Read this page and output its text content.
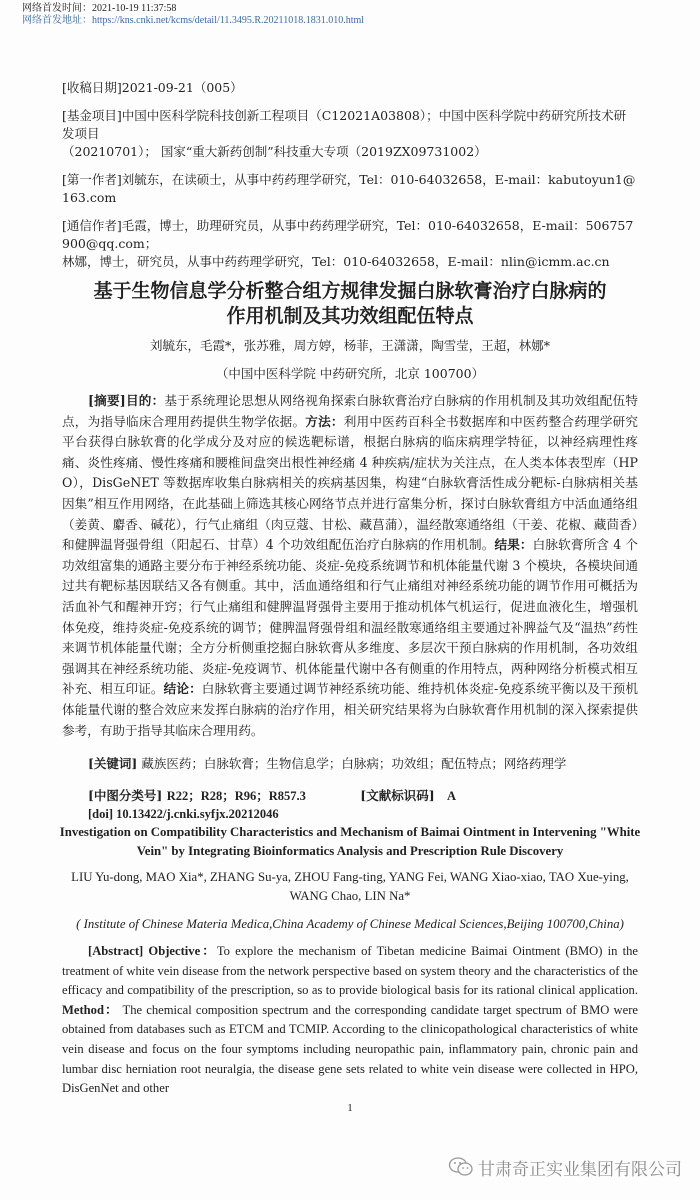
网络首发时间：2021-10-19 11:37:58
网络首发地址：https://kns.cnki.net/kcms/detail/11.3495.R.20211018.1831.010.html
[收稿日期]2021-09-21（005）
[基金项目]中国中医科学院科技创新工程项目（C12021A03808）；中国中医科学院中药研究所技术研发项目
（20210701）； 国家“重大新药创制”科技重大专项（2019ZX09731002）
[第一作者]刘毓东，在读硕士，从事中药药理学研究，Tel：010-64032658，E-mail：kabutoyun1@163.com
[通信作者]毛霞，博士，助理研究员，从事中药药理学研究，Tel：010-64032658，E-mail：506757900@qq.com；
林娜，博士，研究员，从事中药药理学研究，Tel：010-64032658，E-mail：nlin@icmm.ac.cn
基于生物信息学分析整合组方规律发掘白脉软膏治疗白脉病的
作用机制及其功效组配伍特点
刘毓东，毛霞*，张苏雅，周方婷，杨菲，王潇潇，陶雪莹，王超，林娜*
（中国中医科学院 中药研究所，北京 100700）
[摘要]目的：基于系统理论思想从网络视角探索白脉软膏治疗白脉病的作用机制及其功效组配伍特点，为指导临床合理用药提供生物学依据。方法：利用中医药百科全书数据库和中医药整合药理学研究平台获得白脉软膏的化学成分及对应的候选靶标谱，根据白脉病的临床病理学特征，以神经病理性疼痛、炎性疼痛、慢性疼痛和腰椎间盘突出根性神经痛 4 种疾病/症状为关注点，在人类本体表型库（HPO），DisGeNET 等数据库收集白脉病相关的疾病基因集，构建“白脉软膏活性成分靶标-白脉病相关基因集”相互作用网络，在此基础上筛选其核心网络节点并进行富集分析，探讨白脉软膏组方中活血通络组（姜黄、麝香、碱花），行气止痛组（肉豆蔻、甘松、藏菖蒲），温经散寒通络组（干姜、花椒、藏茴香）和健脾温肾强骨组（阳起石、甘草）4 个功效组配伍治疗白脉病的作用机制。结果：白脉软膏所含 4 个功效组富集的通路主要分布于神经系统功能、炎症-免疫系统调节和机体能量代谢 3 个模块，各模块间通过共有靶标基因联结又各有侧重。其中，活血通络组和行气止痛组对神经系统功能的调节作用可概括为活血补气和醒神开窍；行气止痛组和健脾温肾强骨主要用于推动机体气机运行，促进血液化生，增强机体免疫，维持炎症-免疫系统的调节；健脾温肾强骨组和温经散寒通络组主要通过补脾益气及“温热”药性来调节机体能量代谢；全方分析侧重挖掘白脉软膏从多维度、多层次干预白脉病的作用机制，各功效组强调其在神经系统功能、炎症-免疫调节、机体能量代谢中各有侧重的作用特点，两种网络分析模式相互补充、相互印证。结论：白脉软膏主要通过调节神经系统功能、维持机体炎症-免疫系统平衡以及干预机体能量代谢的整合效应来发挥白脉病的治疗作用，相关研究结果将为白脉软膏作用机制的深入探索提供参考，有助于指导其临床合理用药。
[关键词] 藏族医药；白脉软膏；生物信息学；白脉病；功效组；配伍特点；网络药理学
[中图分类号] R22；R28；R96；R857.3	[文献标识码] A
[doi] 10.13422/j.cnki.syfjx.20212046
Investigation on Compatibility Characteristics and Mechanism of Baimai Ointment in Intervening "White
Vein" by Integrating Bioinformatics Analysis and Prescription Rule Discovery
LIU Yu-dong, MAO Xia*, ZHANG Su-ya, ZHOU Fang-ting, YANG Fei, WANG Xiao-xiao, TAO Xue-ying,
WANG Chao, LIN Na*
( Institute of Chinese Materia Medica,China Academy of Chinese Medical Sciences,Beijing 100700,China)
[Abstract] Objective：To explore the mechanism of Tibetan medicine Baimai Ointment (BMO) in the treatment of white vein disease from the network perspective based on system theory and the characteristics of the efficacy and compatibility of the prescription, so as to provide biological basis for its rational clinical application. Method： The chemical composition spectrum and the corresponding candidate target spectrum of BMO were obtained from databases such as ETCM and TCMIP. According to the clinicopathological characteristics of white vein disease and focus on the four symptoms including neuropathic pain, inflammatory pain, chronic pain and lumbar disc herniation root neuralgia, the disease gene sets related to white vein disease were collected in HPO, DisGenNet and other
1
甘肃奇正实业集团有限公司
